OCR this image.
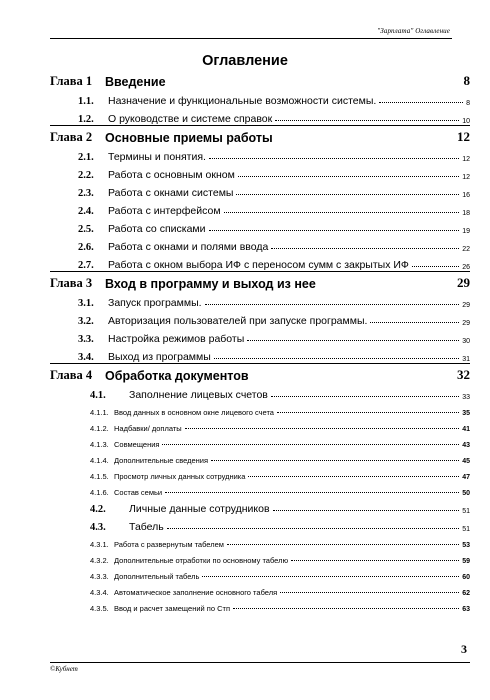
"Зарплата" Оглавление
Оглавление
Глава 1	Введение	8
1.1.	Назначение и функциональные возможности системы.	8
1.2.	О руководстве и системе справок	10
Глава 2	Основные приемы работы	12
2.1.	Термины и понятия.	12
2.2.	Работа с основным окном	12
2.3.	Работа с окнами системы	16
2.4.	Работа с интерфейсом	18
2.5.	Работа со списками	19
2.6.	Работа с окнами и полями ввода	22
2.7.	Работа с окном выбора ИФ с переносом сумм с закрытых ИФ	26
Глава 3	Вход в программу и выход из нее	29
3.1.	Запуск программы.	29
3.2.	Авторизация пользователей при запуске программы.	29
3.3.	Настройка режимов работы	30
3.4.	Выход из программы	31
Глава 4	Обработка документов	32
4.1.	Заполнение лицевых счетов	33
4.1.1. Ввод данных в основном окне лицевого счета	35
4.1.2. Надбавки/ доплаты	41
4.1.3. Совмещения	43
4.1.4. Дополнительные сведения	45
4.1.5. Просмотр личных данных сотрудника	47
4.1.6. Состав семьи	50
4.2.	Личные данные сотрудников	51
4.3.	Табель	51
4.3.1. Работа с развернутым табелем	53
4.3.2. Дополнительные отработки по основному табелю	59
4.3.3. Дополнительный табель	60
4.3.4. Автоматическое заполнение основного табеля	62
4.3.5. Ввод и расчет замещений по Стп	63
3
©Кубнет
